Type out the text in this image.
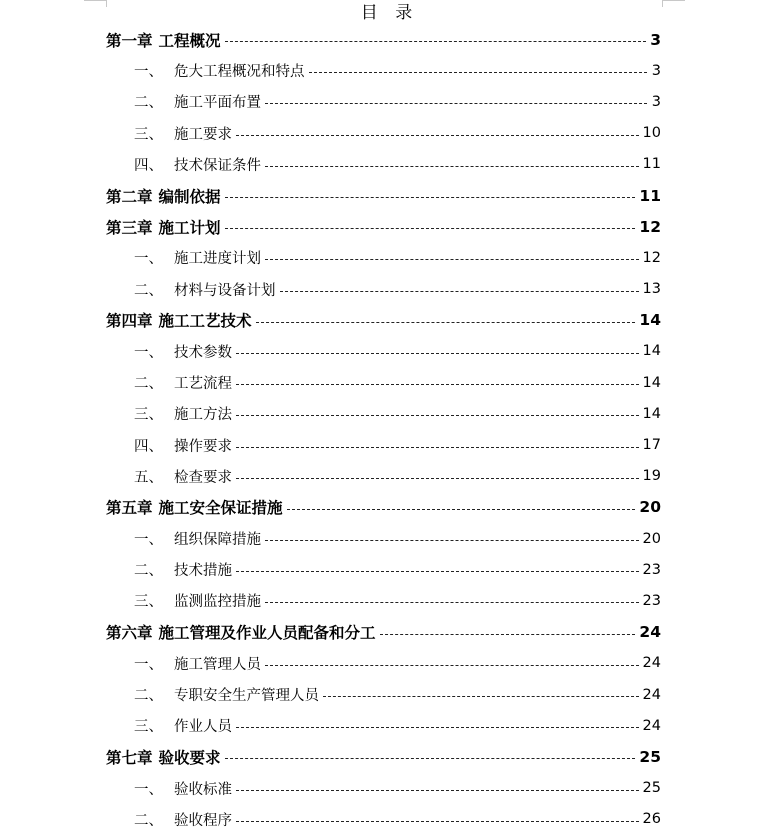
目 录
第一章 工程概况	3
一、 危大工程概况和特点	3
二、 施工平面布置	3
三、 施工要求	10
四、 技术保证条件	11
第二章 编制依据	11
第三章 施工计划	12
一、 施工进度计划	12
二、 材料与设备计划	13
第四章 施工工艺技术	14
一、 技术参数	14
二、 工艺流程	14
三、 施工方法	14
四、 操作要求	17
五、 检查要求	19
第五章 施工安全保证措施	20
一、 组织保障措施	20
二、 技术措施	23
三、 监测监控措施	23
第六章 施工管理及作业人员配备和分工	24
一、 施工管理人员	24
二、 专职安全生产管理人员	24
三、 作业人员	24
第七章 验收要求	25
一、 验收标准	25
二、 验收程序	26
